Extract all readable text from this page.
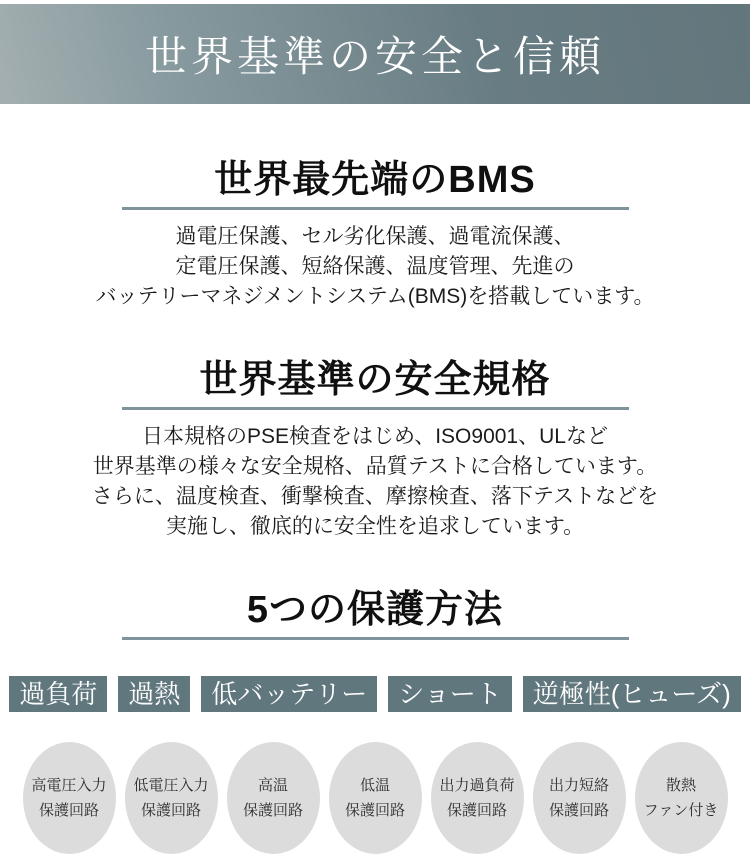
世界基準の安全と信頼
世界最先端のBMS

過電圧保護、セル劣化保護、過電流保護、
定電圧保護、短絡保護、温度管理、先進の
バッテリーマネジメントシステム(BMS)を搭載しています。

世界基準の安全規格

日本規格のPSE検査をはじめ、ISO9001、ULなど
世界基準の様々な安全規格、品質テストに合格しています。
さらに、温度検査、衝撃検査、摩擦検査、落下テストなどを
実施し、徹底的に安全性を追求しています。

5つの保護方法
過負荷	過熱	低バッテリー	ショート	逆極性(ヒューズ)
高電圧入力
保護回路
低電圧入力
保護回路
高温
保護回路
低温
保護回路
出力過負荷
保護回路
出力短絡
保護回路
散熱
ファン付き
